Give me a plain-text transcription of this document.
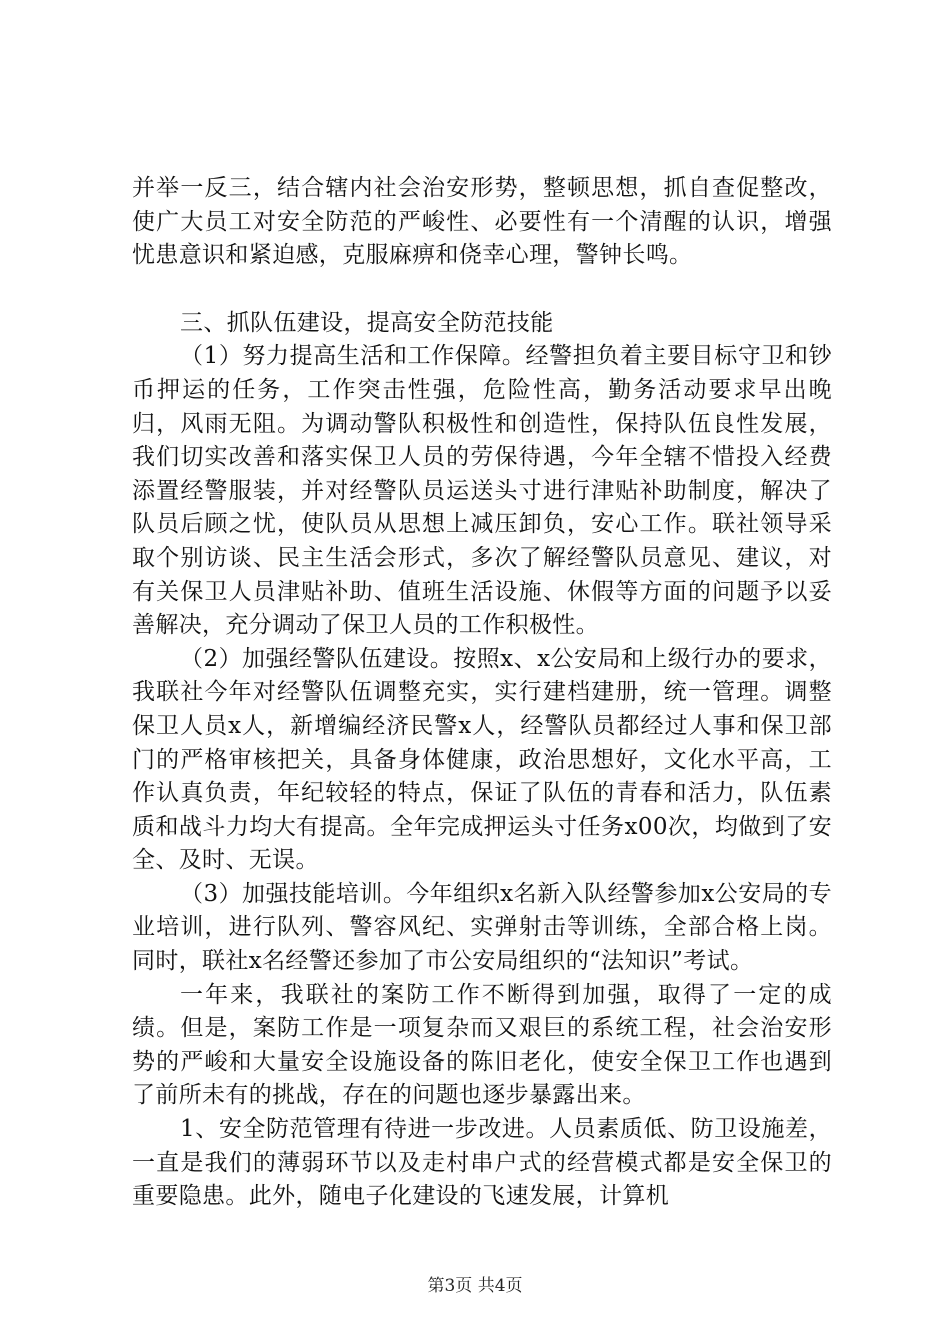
并举一反三，结合辖内社会治安形势，整顿思想，抓自查促整改，使广大员工对安全防范的严峻性、必要性有一个清醒的认识，增强忧患意识和紧迫感，克服麻痹和侥幸心理，警钟长鸣。

三、抓队伍建设，提高安全防范技能

（1）努力提高生活和工作保障。经警担负着主要目标守卫和钞币押运的任务，工作突击性强，危险性高，勤务活动要求早出晚归，风雨无阻。为调动警队积极性和创造性，保持队伍良性发展，我们切实改善和落实保卫人员的劳保待遇，今年全辖不惜投入经费添置经警服装，并对经警队员运送头寸进行津贴补助制度，解决了队员后顾之忧，使队员从思想上减压卸负，安心工作。联社领导采取个别访谈、民主生活会形式，多次了解经警队员意见、建议，对有关保卫人员津贴补助、值班生活设施、休假等方面的问题予以妥善解决，充分调动了保卫人员的工作积极性。

（2）加强经警队伍建设。按照x、x公安局和上级行办的要求，我联社今年对经警队伍调整充实，实行建档建册，统一管理。调整保卫人员x人，新增编经济民警x人，经警队员都经过人事和保卫部门的严格审核把关，具备身体健康，政治思想好，文化水平高，工作认真负责，年纪较轻的特点，保证了队伍的青春和活力，队伍素质和战斗力均大有提高。全年完成押运头寸任务x00次，均做到了安全、及时、无误。

（3）加强技能培训。今年组织x名新入队经警参加x公安局的专业培训，进行队列、警容风纪、实弹射击等训练，全部合格上岗。同时，联社x名经警还参加了市公安局组织的“法知识”考试。

一年来，我联社的案防工作不断得到加强，取得了一定的成绩。但是，案防工作是一项复杂而又艰巨的系统工程，社会治安形势的严峻和大量安全设施设备的陈旧老化，使安全保卫工作也遇到了前所未有的挑战，存在的问题也逐步暴露出来。

1、安全防范管理有待进一步改进。人员素质低、防卫设施差，一直是我们的薄弱环节以及走村串户式的经营模式都是安全保卫的重要隐患。此外，随电子化建设的飞速发展，计算机

第3页 共4页
